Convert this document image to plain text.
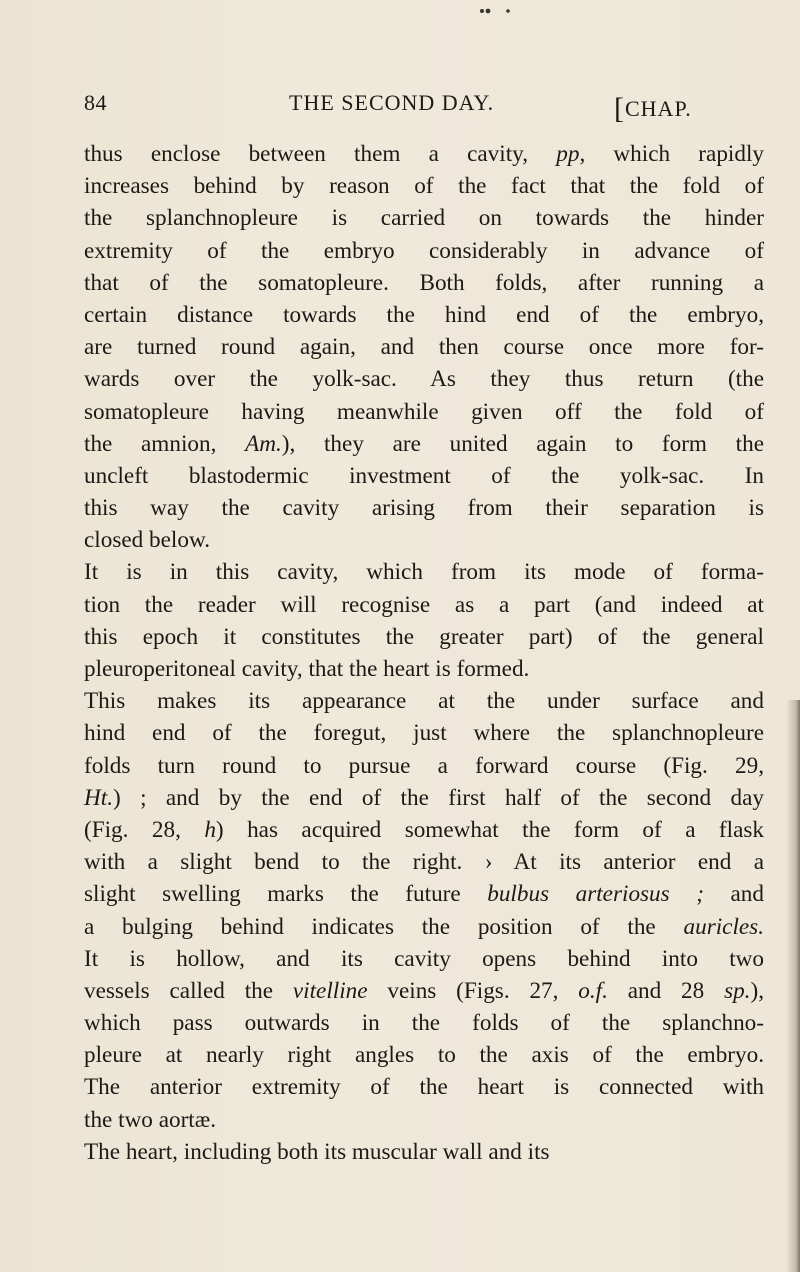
84	THE SECOND DAY.	[CHAP.
thus enclose between them a cavity, pp, which rapidly
increases behind by reason of the fact that the fold of
the splanchnopleure is carried on towards the hinder
extremity of the embryo considerably in advance of
that of the somatopleure. Both folds, after running a
certain distance towards the hind end of the embryo,
are turned round again, and then course once more for-
wards over the yolk-sac. As they thus return (the
somatopleure having meanwhile given off the fold of
the amnion, Am.), they are united again to form the
uncleft blastodermic investment of the yolk-sac. In
this way the cavity arising from their separation is
closed below.
It is in this cavity, which from its mode of forma-
tion the reader will recognise as a part (and indeed at
this epoch it constitutes the greater part) of the general
pleuroperitoneal cavity, that the heart is formed.
This makes its appearance at the under surface and
hind end of the foregut, just where the splanchnopleure
folds turn round to pursue a forward course (Fig. 29,
Ht.) ; and by the end of the first half of the second day
(Fig. 28, h) has acquired somewhat the form of a flask
with a slight bend to the right. › At its anterior end a
slight swelling marks the future bulbus arteriosus ; and
a bulging behind indicates the position of the auricles.
It is hollow, and its cavity opens behind into two
vessels called the vitelline veins (Figs. 27, o.f. and 28 sp.),
which pass outwards in the folds of the splanchno-
pleure at nearly right angles to the axis of the embryo.
The anterior extremity of the heart is connected with
the two aortæ.
The heart, including both its muscular wall and its
